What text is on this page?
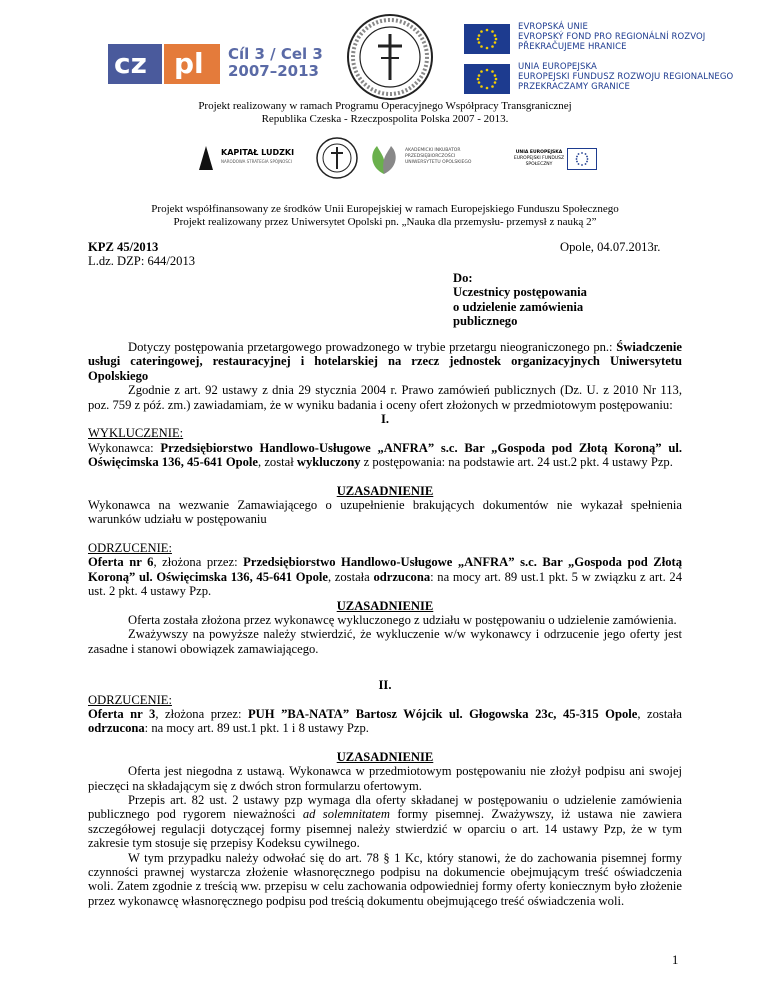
cz pl Cíl 3 / Cel 3
2007–2013
EVROPSKÁ UNIE
EVROPSKÝ FOND PRO REGIONÁLNÍ ROZVOJ
PŘEKRAČUJEME HRANICE
UNIA EUROPEJSKA
EUROPEJSKI FUNDUSZ ROZWOJU REGIONALNEGO
PRZEKRACZAMY GRANICE
Projekt realizowany w ramach Programu Operacyjnego Współpracy Transgranicznej
Republika Czeska - Rzeczpospolita Polska 2007 - 2013.
KAPITAŁ LUDZKI
NARODOWA STRATEGIA SPÓJNOŚCI
AKADEMICKI INKUBATOR PRZEDSIĘBIORCZOŚCI
UNIWERSYTETU OPOLSKIEGO
UNIA EUROPEJSKA
EUROPEJSKI FUNDUSZ SPOŁECZNY
Projekt współfinansowany ze środków Unii Europejskiej w ramach Europejskiego Funduszu Społecznego
Projekt realizowany przez Uniwersytet Opolski pn. „Nauka dla przemysłu- przemysł z nauką 2”
KPZ 45/2013
L.dz. DZP: 644/2013
Opole, 04.07.2013r.
Do:
Uczestnicy postępowania
o udzielenie zamówienia
publicznego

Dotyczy postępowania przetargowego prowadzonego w trybie przetargu nieograniczonego pn.: Świadczenie usługi cateringowej, restauracyjnej i hotelarskiej na rzecz jednostek organizacyjnych Uniwersytetu Opolskiego

Zgodnie z art. 92 ustawy z dnia 29 stycznia 2004 r. Prawo zamówień publicznych (Dz. U. z 2010 Nr 113, poz. 759 z póź. zm.) zawiadamiam, że w wyniku badania i oceny ofert złożonych w przedmiotowym postępowaniu:

I.

WYKLUCZENIE:

Wykonawca: Przedsiębiorstwo Handlowo-Usługowe „ANFRA” s.c. Bar „Gospoda pod Złotą Koroną” ul. Oświęcimska 136, 45-641 Opole, został wykluczony z postępowania: na podstawie art. 24 ust.2 pkt. 4 ustawy Pzp.

UZASADNIENIE

Wykonawca na wezwanie Zamawiającego o uzupełnienie brakujących dokumentów nie wykazał spełnienia warunków udziału w postępowaniu

ODRZUCENIE:

Oferta nr 6, złożona przez: Przedsiębiorstwo Handlowo-Usługowe „ANFRA” s.c. Bar „Gospoda pod Złotą Koroną” ul. Oświęcimska 136, 45-641 Opole, została odrzucona: na mocy art. 89 ust.1 pkt. 5 w związku z art. 24 ust. 2 pkt. 4 ustawy Pzp.

UZASADNIENIE

Oferta została złożona przez wykonawcę wykluczonego z udziału w postępowaniu o udzielenie zamówienia.

Zważywszy na powyższe należy stwierdzić, że wykluczenie w/w wykonawcy i odrzucenie jego oferty jest zasadne i stanowi obowiązek zamawiającego.

II.

ODRZUCENIE:

Oferta nr 3, złożona przez: PUH ”BA-NATA” Bartosz Wójcik ul. Głogowska 23c, 45-315 Opole, została odrzucona: na mocy art. 89 ust.1 pkt. 1 i 8 ustawy Pzp.

UZASADNIENIE

Oferta jest niegodna z ustawą. Wykonawca w przedmiotowym postępowaniu nie złożył podpisu ani swojej pieczęci na składającym się z dwóch stron formularzu ofertowym.

Przepis art. 82 ust. 2 ustawy pzp wymaga dla oferty składanej w postępowaniu o udzielenie zamówienia publicznego pod rygorem nieważności ad solemnitatem formy pisemnej. Zważywszy, iż ustawa nie zawiera szczegółowej regulacji dotyczącej formy pisemnej należy stwierdzić w oparciu o art. 14 ustawy Pzp, że w tym zakresie tym stosuje się przepisy Kodeksu cywilnego.

W tym przypadku należy odwołać się do art. 78 § 1 Kc, który stanowi, że do zachowania pisemnej formy czynności prawnej wystarcza złożenie własnoręcznego podpisu na dokumencie obejmującym treść oświadczenia woli. Zatem zgodnie z treścią ww. przepisu w celu zachowania odpowiedniej formy oferty koniecznym było złożenie przez wykonawcę własnoręcznego podpisu pod treścią dokumentu obejmującego treść oświadczenia woli.

1
